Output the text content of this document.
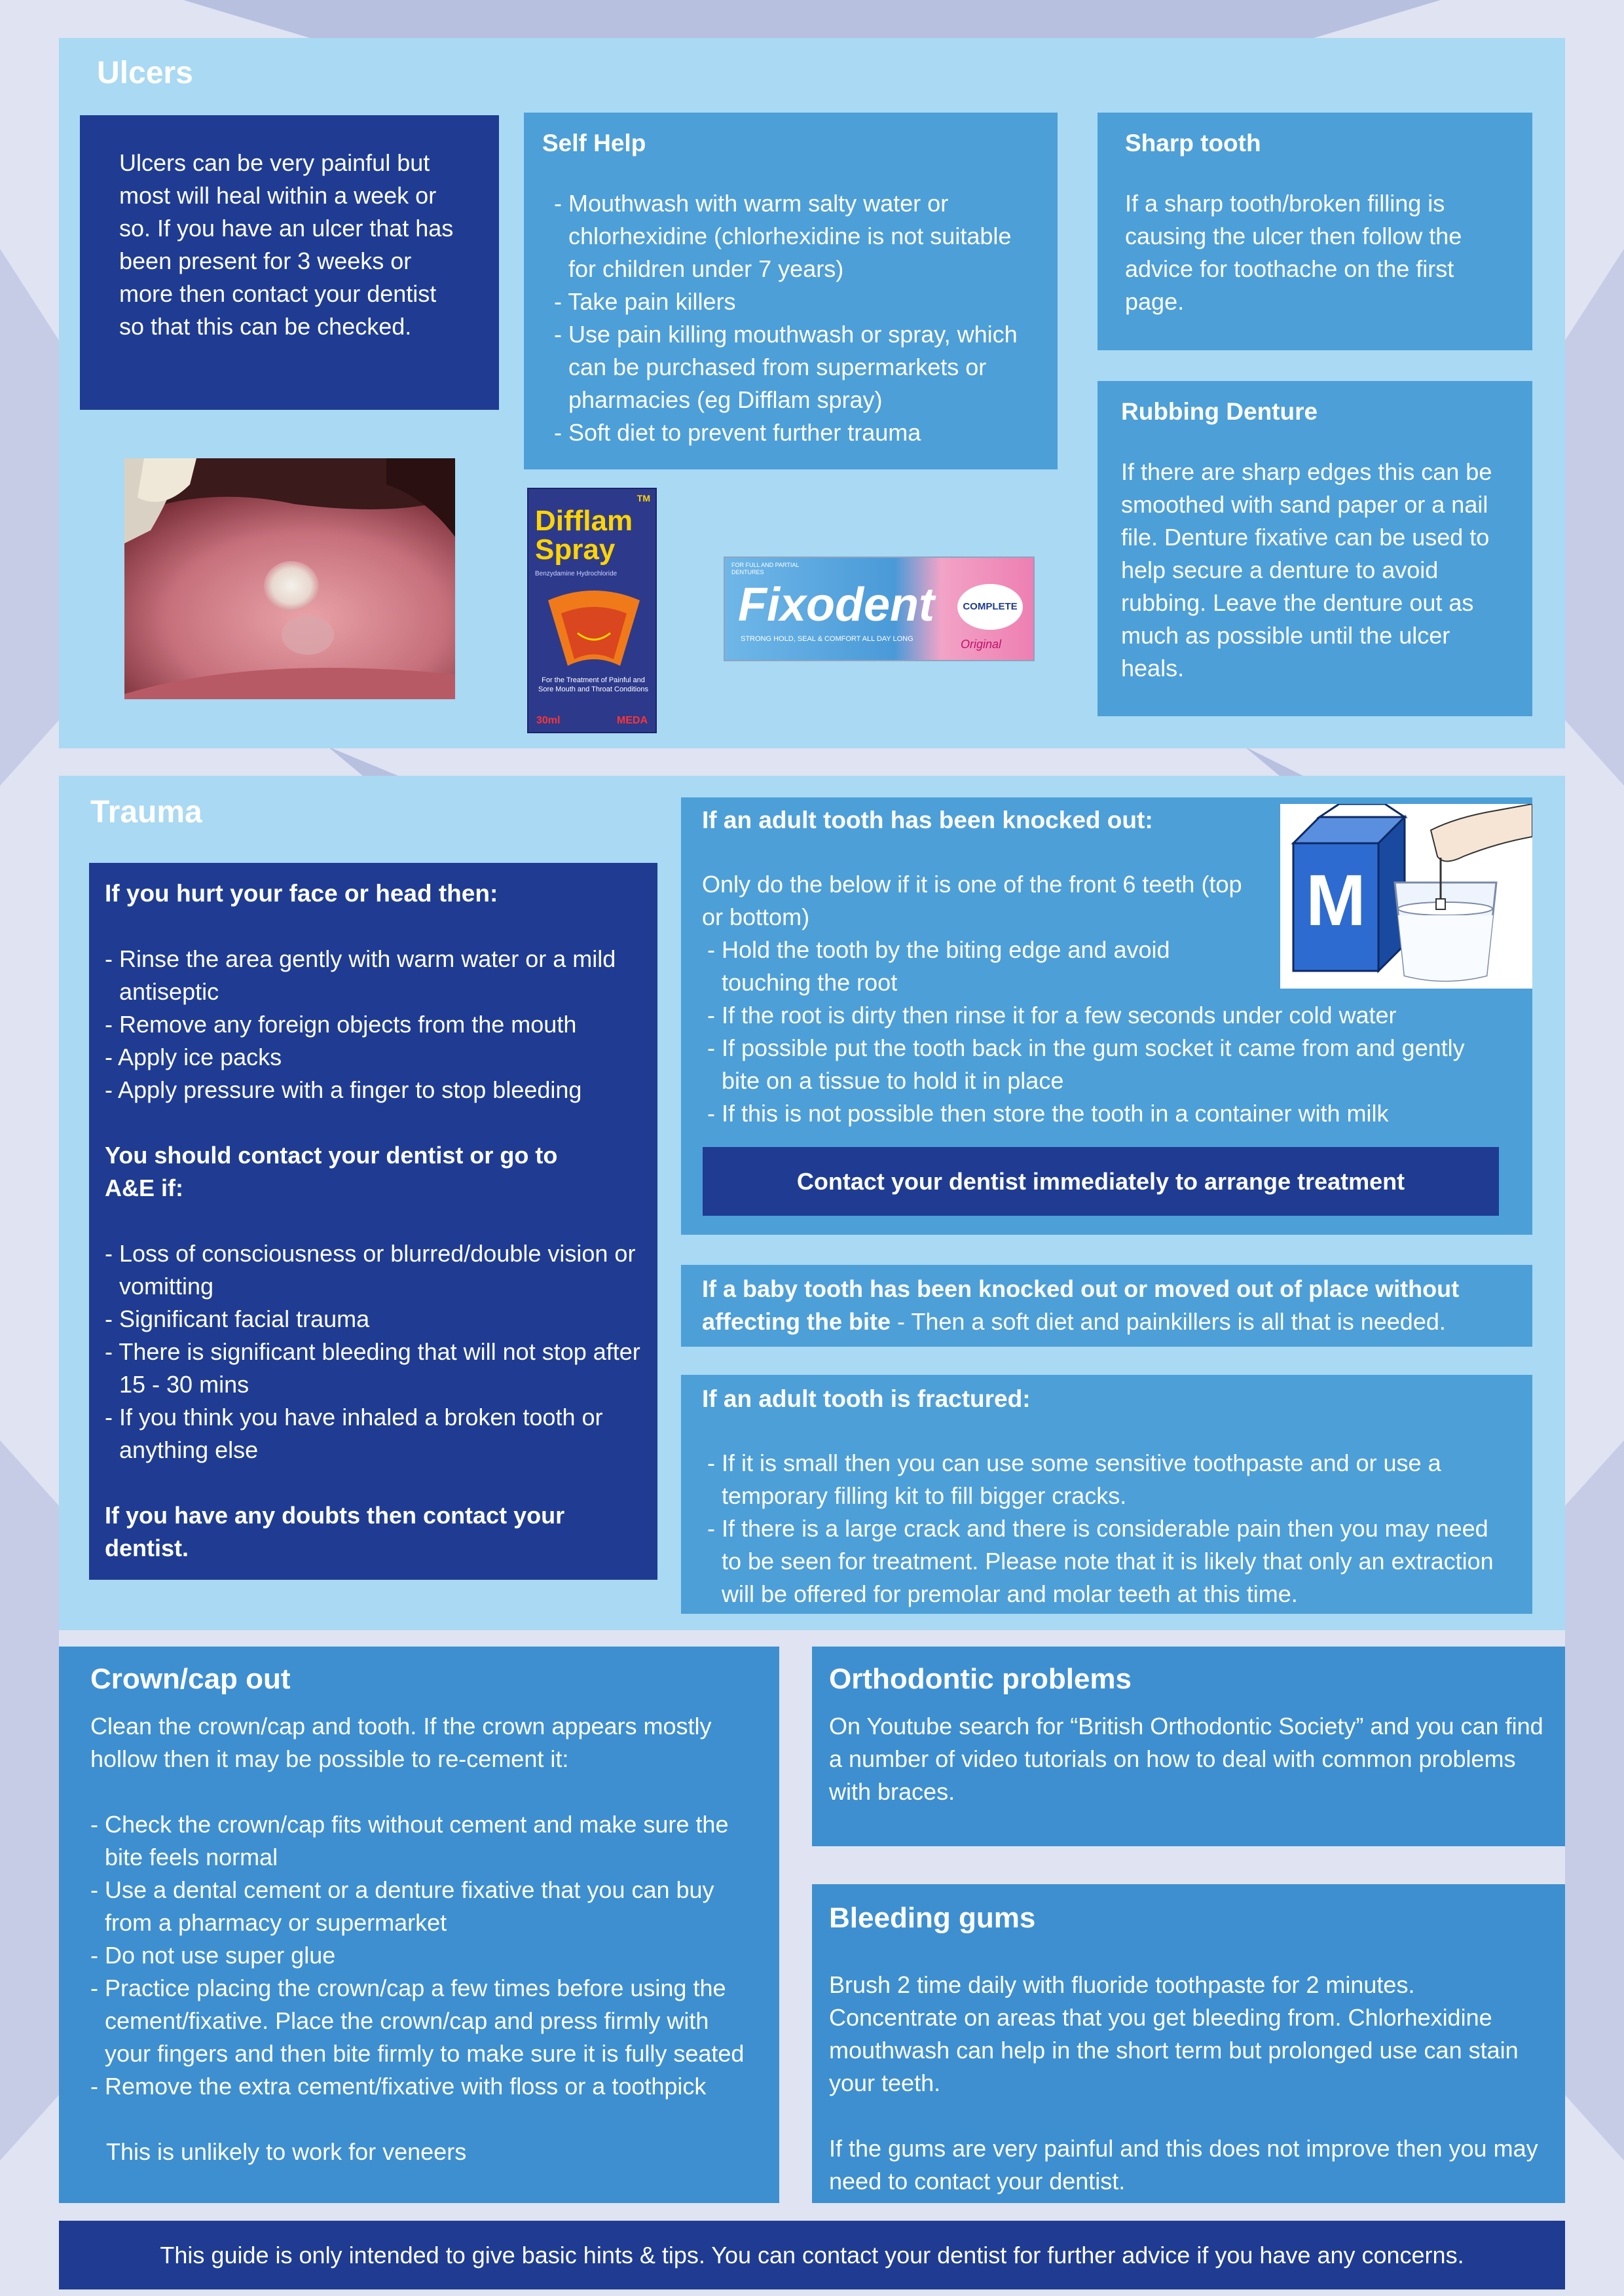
Ulcers

Ulcers can be very painful but most will heal within a week or so. If you have an ulcer that has been present for 3 weeks or more then contact your dentist so that this can be checked.

Self Help
- Mouthwash with warm salty water or chlorhexidine (chlorhexidine is not suitable for children under 7 years)
- Take pain killers
- Use pain killing mouthwash or spray, which can be purchased from supermarkets or pharmacies (eg Difflam spray)
- Soft diet to prevent further trauma
Sharp tooth

If a sharp tooth/broken filling is causing the ulcer then follow the advice for toothache on the first page.

Rubbing Denture

If there are sharp edges this can be smoothed with sand paper or a nail file. Denture fixative can be used to help secure a denture to avoid rubbing. Leave the denture out as much as possible until the ulcer heals.

TM
Difflam
Spray
Benzydamine Hydrochloride
For the Treatment of Painful and Sore Mouth and Throat Conditions
30ml	MEDA
FOR FULL AND PARTIAL DENTURES
Fixodent	COMPLETE
STRONG HOLD, SEAL & COMFORT ALL DAY LONG	Original
Trauma
If you hurt your face or head then:
- Rinse the area gently with warm water or a mild antiseptic
- Remove any foreign objects from the mouth
- Apply ice packs
- Apply pressure with a finger to stop bleeding
You should contact your dentist or go to A&E if:
- Loss of consciousness or blurred/double vision or vomitting
- Significant facial trauma
- There is significant bleeding that will not stop after 15 - 30 mins
- If you think you have inhaled a broken tooth or anything else
If you have any doubts then contact your dentist.
If an adult tooth has been knocked out:

Only do the below if it is one of the front 6 teeth (top or bottom)

- Hold the tooth by the biting edge and avoid touching the root
- If the root is dirty then rinse it for a few seconds under cold water
- If possible put the tooth back in the gum socket it came from and gently bite on a tissue to hold it in place
- If this is not possible then store the tooth in a container with milk
M
Contact your dentist immediately to arrange treatment
If a baby tooth has been knocked out or moved out of place without affecting the bite - Then a soft diet and painkillers is all that is needed.
If an adult tooth is fractured:
- If it is small then you can use some sensitive toothpaste and or use a temporary filling kit to fill bigger cracks.
- If there is a large crack and there is considerable pain then you may need to be seen for treatment. Please note that it is likely that only an extraction will be offered for premolar and molar teeth at this time.
Crown/cap out

Clean the crown/cap and tooth. If the crown appears mostly hollow then it may be possible to re-cement it:

- Check the crown/cap fits without cement and make sure the bite feels normal
- Use a dental cement or a denture fixative that you can buy from a pharmacy or supermarket
- Do not use super glue
- Practice placing the crown/cap a few times before using the cement/fixative. Place the crown/cap and press firmly with your fingers and then bite firmly to make sure it is fully seated
- Remove the extra cement/fixative with floss or a toothpick

This is unlikely to work for veneers

Orthodontic problems

On Youtube search for “British Orthodontic Society” and you can find a number of video tutorials on how to deal with common problems with braces.

Bleeding gums

Brush 2 time daily with fluoride toothpaste for 2 minutes. Concentrate on areas that you get bleeding from. Chlorhexidine mouthwash can help in the short term but prolonged use can stain your teeth.

If the gums are very painful and this does not improve then you may need to contact your dentist.

This guide is only intended to give basic hints & tips. You can contact your dentist for further advice if you have any concerns.
